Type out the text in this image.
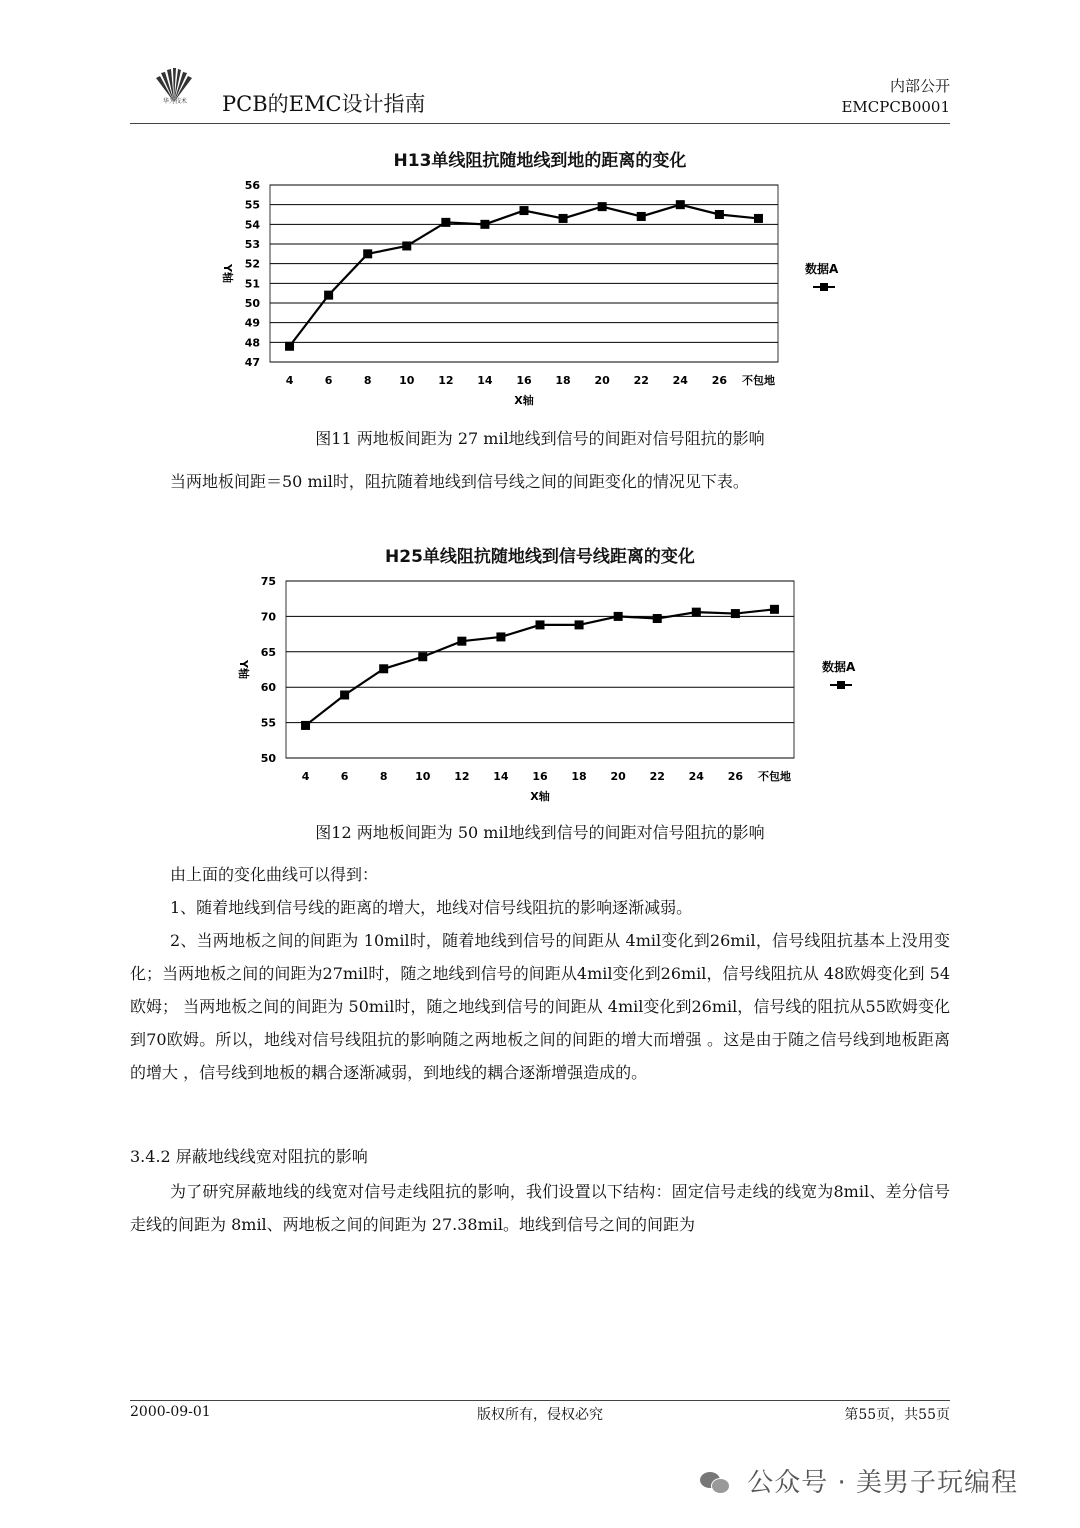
华为技术	PCB的EMC设计指南
内部公开
EMCPCB0001
H13单线阻抗随地线到地的距离的变化
56
55
54
53
52
51
50
49
48
47
4	6	8	10 12 14 16 18 20 22 24 26 不包地
X轴
Y轴	数据A
图11 两地板间距为 27 mil地线到信号的间距对信号阻抗的影响
当两地板间距＝50 mil时，阻抗随着地线到信号线之间的间距变化的情况见下表。
H25单线阻抗随地线到信号线距离的变化
75
70
65
60
55
50
4	6	8	10 12 14 16 18 20 22 24 26 不包地
X轴
Y轴	数据A
图12 两地板间距为 50 mil地线到信号的间距对信号阻抗的影响
由上面的变化曲线可以得到：
1、随着地线到信号线的距离的增大，地线对信号线阻抗的影响逐渐减弱。
2、当两地板之间的间距为 10mil时，随着地线到信号的间距从 4mil变化到26mil，信号线阻抗基本上没用变化；当两地板之间的间距为27mil时，随之地线到信号的间距从4mil变化到26mil，信号线阻抗从 48欧姆变化到 54欧姆； 当两地板之间的间距为 50mil时，随之地线到信号的间距从 4mil变化到26mil，信号线的阻抗从55欧姆变化到70欧姆。所以，地线对信号线阻抗的影响随之两地板之间的间距的增大而增强 。这是由于随之信号线到地板距离的增大 ，信号线到地板的耦合逐渐减弱，到地线的耦合逐渐增强造成的。
3.4.2 屏蔽地线线宽对阻抗的影响
为了研究屏蔽地线的线宽对信号走线阻抗的影响，我们设置以下结构：固定信号走线的线宽为8mil、差分信号 走线的间距为 8mil、两地板之间的间距为 27.38mil。地线到信号之间的间距为
2000-09-01	版权所有，侵权必究	第55页，共55页
公众号 · 美男子玩编程
